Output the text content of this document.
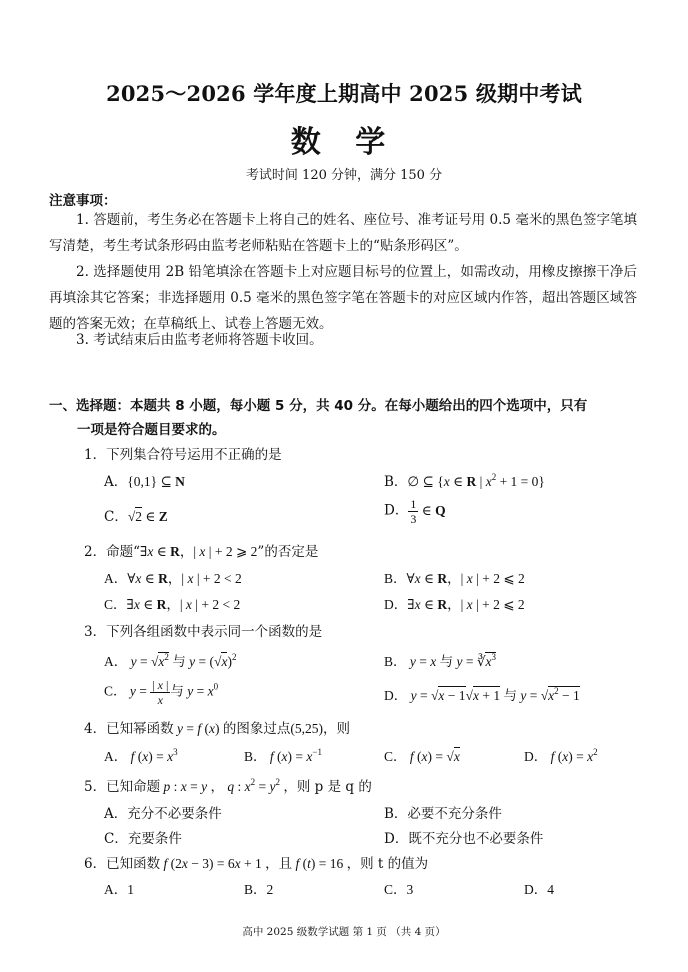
2025～2026 学年度上期高中 2025 级期中考试
数 学
考试时间 120 分钟，满分 150 分
注意事项：
1. 答题前，考生务必在答题卡上将自己的姓名、座位号、准考证号用 0.5 毫米的黑色签字笔填写清楚，考生考试条形码由监考老师粘贴在答题卡上的“贴条形码区”。
2. 选择题使用 2B 铅笔填涂在答题卡上对应题目标号的位置上，如需改动，用橡皮擦擦干净后再填涂其它答案；非选择题用 0.5 毫米的黑色签字笔在答题卡的对应区域内作答，超出答题区域答题的答案无效；在草稿纸上、试卷上答题无效。
3. 考试结束后由监考老师将答题卡收回。
一、选择题：本题共 8 小题，每小题 5 分，共 40 分。在每小题给出的四个选项中，只有
一项是符合题目要求的。
1．下列集合符号运用不正确的是
A．{0,1} ⊆ N	B．∅ ⊆ {x ∈ R | $x^2 + 1 = 0$}
C．√2 ∈ Z	D． $\frac{1}{3}$ ∈ Q
2．命题“∃x ∈ R，| x | + 2 ⩾ 2”的否定是
A．∀x ∈ R，| x | + 2 < 2	B．∀x ∈ R，| x | + 2 ⩽ 2
C．∃x ∈ R，| x | + 2 < 2	D．∃x ∈ R，| x | + 2 ⩽ 2
3．下列各组函数中表示同一个函数的是
A． $y = √x^2$ 与 $y = (√x)^2$	B． y = x 与 $y = ∛x^3$
C． $y = \frac{| x |}{x}$ 与 $y = x^0$
D． y = √x − 1√x + 1 与 $y = √x^2 - 1$
4．已知幂函数 y = f (x) 的图象过点(5,25)，则
A． f $(x) = x^3$	B． f $(x) = x^{-1}$	C． f (x) = √x	D． f $(x) = x^2$
5．已知命题 p : x = y ， q : $x^2 = y^2$ ，则 p 是 q 的
A．充分不必要条件	B．必要不充分条件
C．充要条件	D．既不充分也不必要条件
6．已知函数 f (2x − 3) = 6x + 1 ，且 f (t) = 16 ，则 t 的值为
A．1	B．2	C．3	D．4
高中 2025 级数学试题 第 1 页 （共 4 页）
